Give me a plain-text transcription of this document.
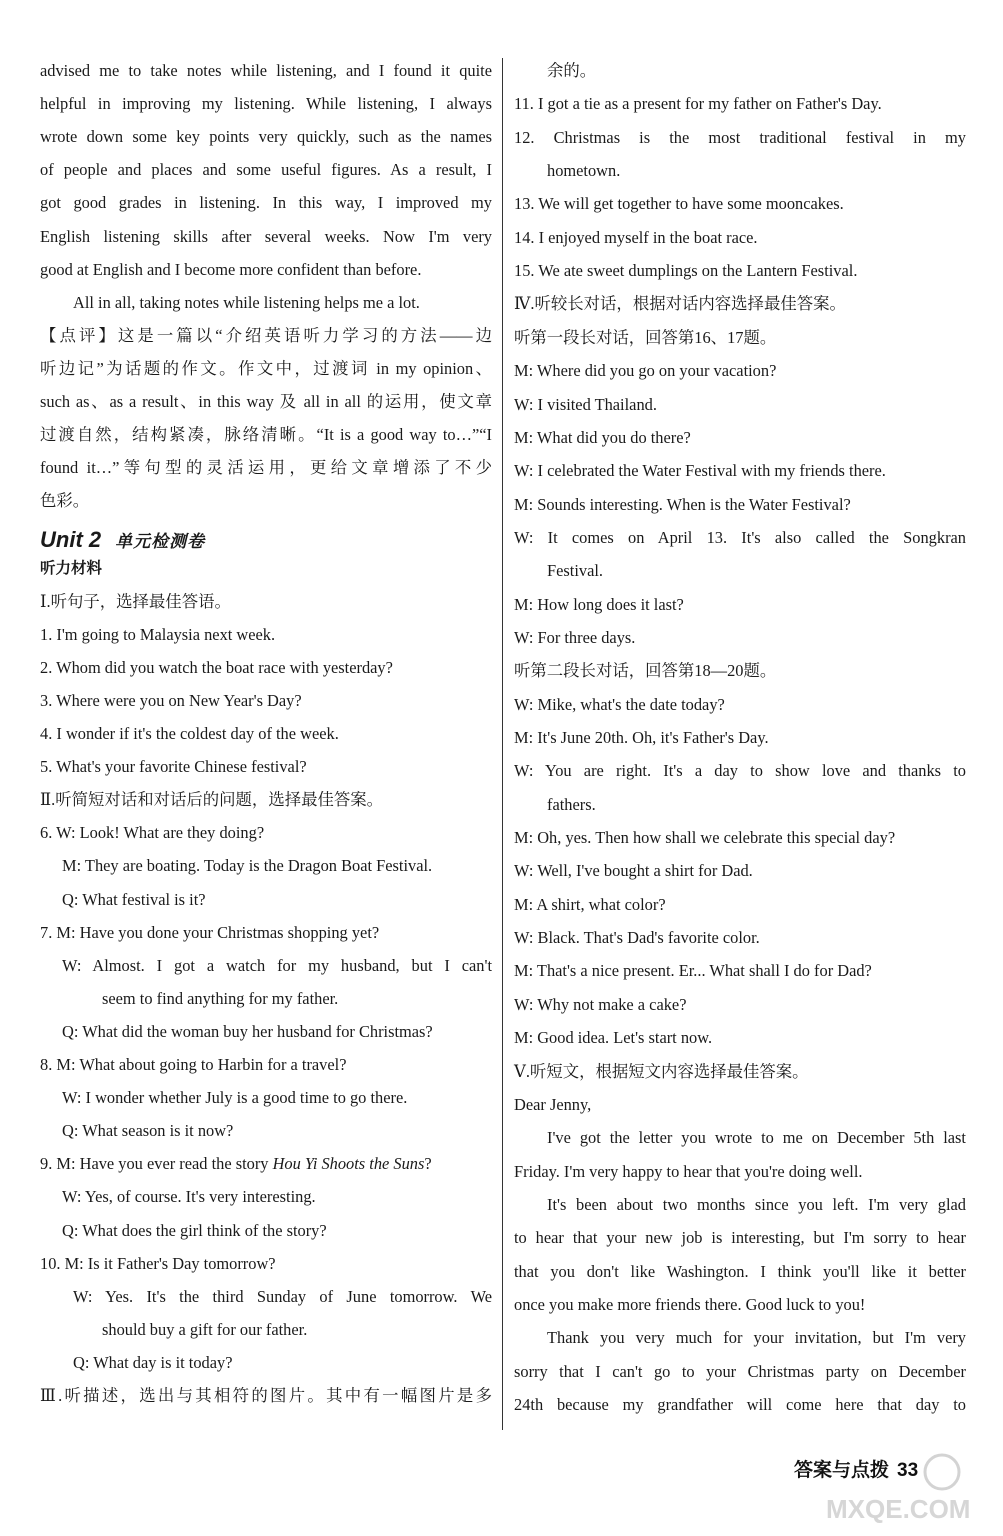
advised me to take notes while listening, and I found it quite
helpful in improving my listening. While listening, I always
wrote down some key points very quickly, such as the names
of people and places and some useful figures. As a result, I
got good grades in listening. In this way, I improved my
English listening skills after several weeks. Now I'm very
good at English and I become more confident than before.
All in all, taking notes while listening helps me a lot.
【点评】这是一篇以“介绍英语听力学习的方法——边
听边记”为话题的作文。作文中，过渡词 in my opinion、
such as、as a result、in this way 及 all in all 的运用，使文章
过渡自然，结构紧凑，脉络清晰。“It is a good way to…”“I
found it…”等句型的灵活运用，更给文章增添了不少
色彩。
Unit 2 单元检测卷
听力材料
Ⅰ.听句子，选择最佳答语。
1. I'm going to Malaysia next week.
2. Whom did you watch the boat race with yesterday?
3. Where were you on New Year's Day?
4. I wonder if it's the coldest day of the week.
5. What's your favorite Chinese festival?
Ⅱ.听简短对话和对话后的问题，选择最佳答案。
6. W: Look! What are they doing?
M: They are boating. Today is the Dragon Boat Festival.
Q: What festival is it?
7. M: Have you done your Christmas shopping yet?
W: Almost. I got a watch for my husband, but I can't
seem to find anything for my father.
Q: What did the woman buy her husband for Christmas?
8. M: What about going to Harbin for a travel?
W: I wonder whether July is a good time to go there.
Q: What season is it now?
9. M: Have you ever read the story Hou Yi Shoots the Suns?
W: Yes, of course. It's very interesting.
Q: What does the girl think of the story?
10. M: Is it Father's Day tomorrow?
W: Yes. It's the third Sunday of June tomorrow. We
should buy a gift for our father.
Q: What day is it today?
Ⅲ.听描述，选出与其相符的图片。其中有一幅图片是多
余的。
11. I got a tie as a present for my father on Father's Day.
12. Christmas is the most traditional festival in my
hometown.
13. We will get together to have some mooncakes.
14. I enjoyed myself in the boat race.
15. We ate sweet dumplings on the Lantern Festival.
Ⅳ.听较长对话，根据对话内容选择最佳答案。
听第一段长对话，回答第16、17题。
M: Where did you go on your vacation?
W: I visited Thailand.
M: What did you do there?
W: I celebrated the Water Festival with my friends there.
M: Sounds interesting. When is the Water Festival?
W: It comes on April 13. It's also called the Songkran
Festival.
M: How long does it last?
W: For three days.
听第二段长对话，回答第18—20题。
W: Mike, what's the date today?
M: It's June 20th. Oh, it's Father's Day.
W: You are right. It's a day to show love and thanks to
fathers.
M: Oh, yes. Then how shall we celebrate this special day?
W: Well, I've bought a shirt for Dad.
M: A shirt, what color?
W: Black. That's Dad's favorite color.
M: That's a nice present. Er... What shall I do for Dad?
W: Why not make a cake?
M: Good idea. Let's start now.
Ⅴ.听短文，根据短文内容选择最佳答案。
Dear Jenny,
I've got the letter you wrote to me on December 5th last
Friday. I'm very happy to hear that you're doing well.
It's been about two months since you left. I'm very glad
to hear that your new job is interesting, but I'm sorry to hear
that you don't like Washington. I think you'll like it better
once you make more friends there. Good luck to you!
Thank you very much for your invitation, but I'm very
sorry that I can't go to your Christmas party on December
24th because my grandfather will come here that day to
答案与点拨 33
MXQE.COM
